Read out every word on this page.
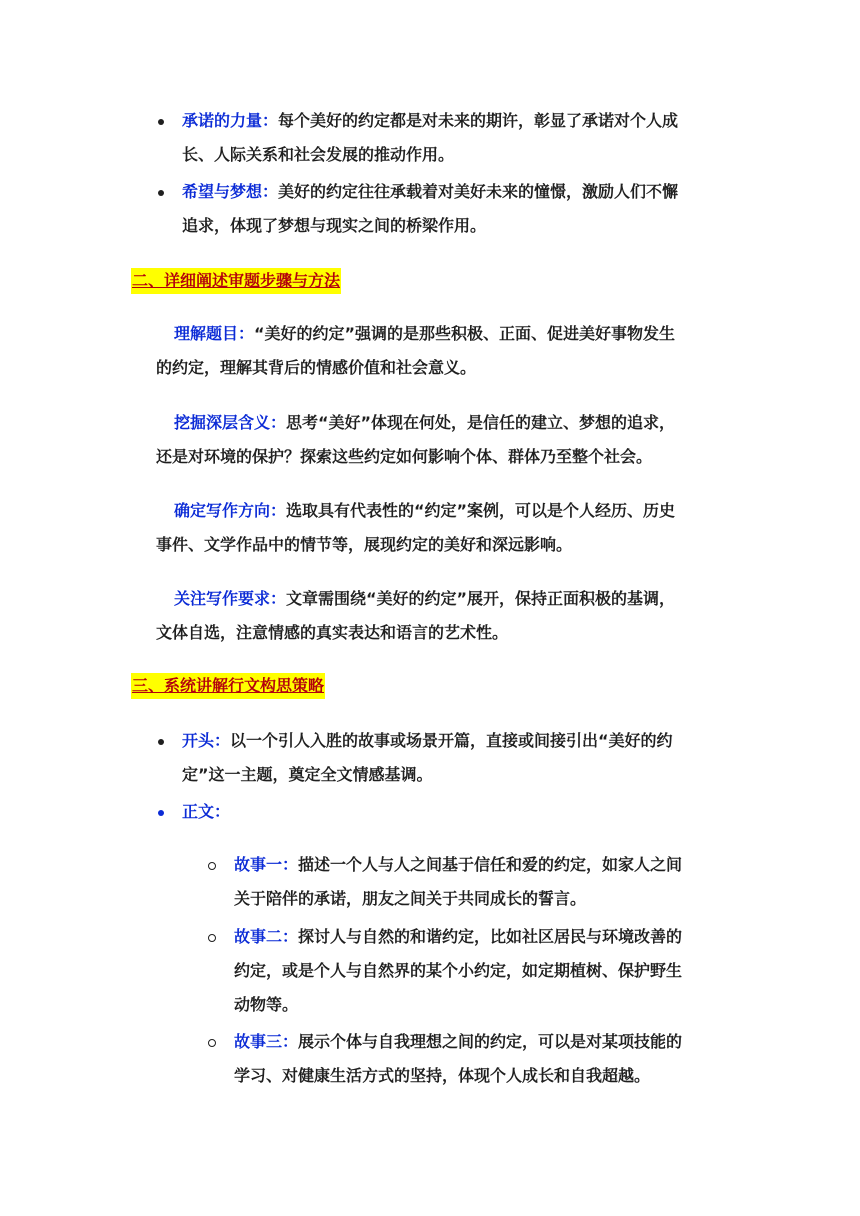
承诺的力量：每个美好的约定都是对未来的期许，彰显了承诺对个人成
长、人际关系和社会发展的推动作用。
希望与梦想：美好的约定往往承载着对美好未来的憧憬，激励人们不懈
追求，体现了梦想与现实之间的桥梁作用。
二、详细阐述审题步骤与方法
理解题目：“美好的约定”强调的是那些积极、正面、促进美好事物发生
的约定，理解其背后的情感价值和社会意义。
挖掘深层含义：思考“美好”体现在何处，是信任的建立、梦想的追求，
还是对环境的保护？探索这些约定如何影响个体、群体乃至整个社会。
确定写作方向：选取具有代表性的“约定”案例，可以是个人经历、历史
事件、文学作品中的情节等，展现约定的美好和深远影响。
关注写作要求：文章需围绕“美好的约定”展开，保持正面积极的基调，
文体自选，注意情感的真实表达和语言的艺术性。
三、系统讲解行文构思策略
开头：以一个引人入胜的故事或场景开篇，直接或间接引出“美好的约
定”这一主题，奠定全文情感基调。
正文：
故事一：描述一个人与人之间基于信任和爱的约定，如家人之间
关于陪伴的承诺，朋友之间关于共同成长的誓言。
故事二：探讨人与自然的和谐约定，比如社区居民与环境改善的
约定，或是个人与自然界的某个小约定，如定期植树、保护野生
动物等。
故事三：展示个体与自我理想之间的约定，可以是对某项技能的
学习、对健康生活方式的坚持，体现个人成长和自我超越。
